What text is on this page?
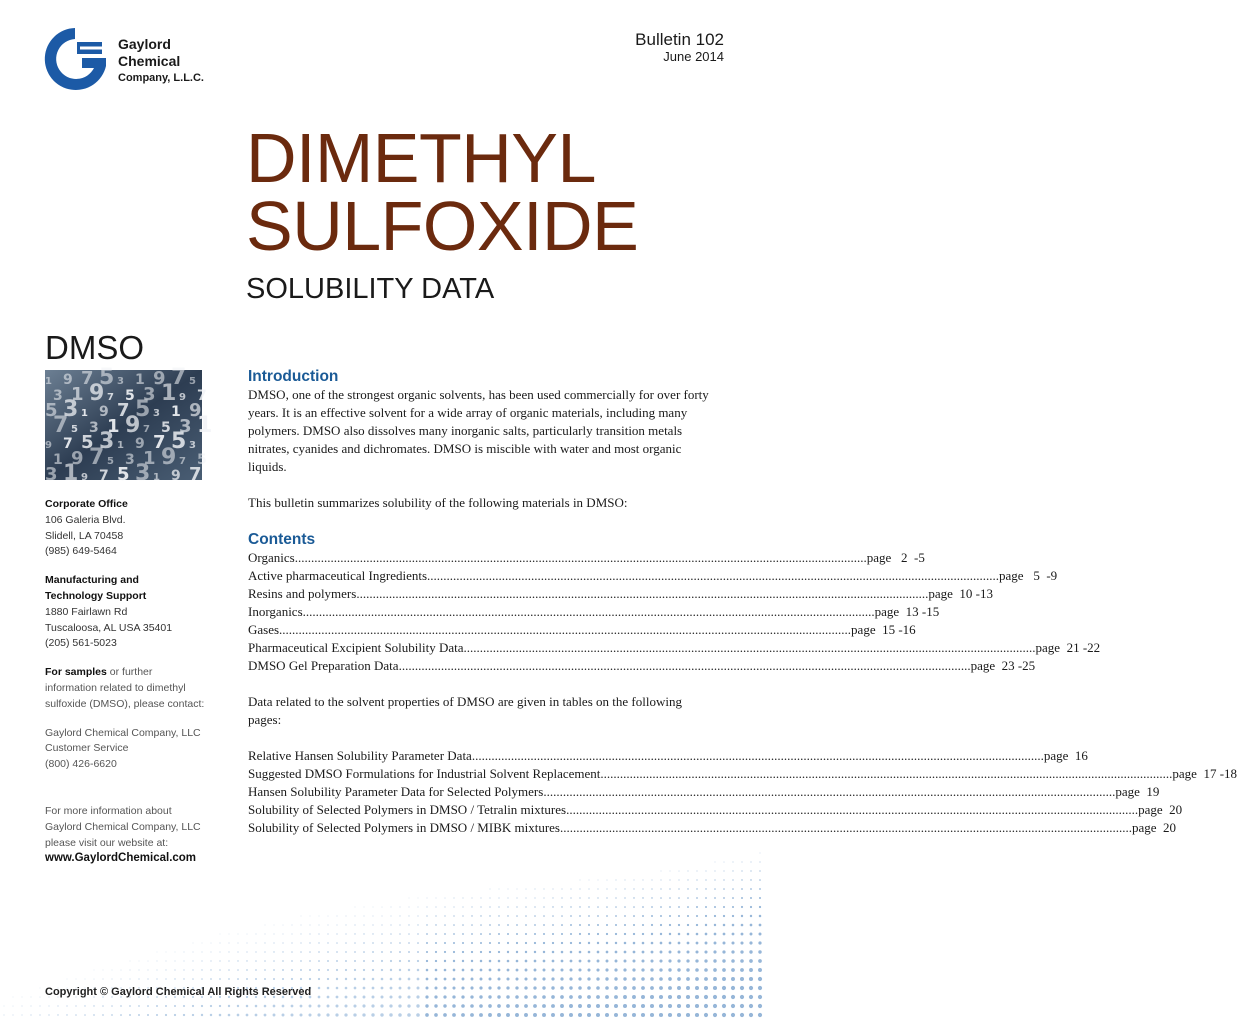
Gaylord
Chemical
Company, L.L.C.
Bulletin 102
June 2014
DIMETHYL
SULFOXIDE
SOLUBILITY DATA
DMSO
1 9 7 5 3 1 9 7 5
3 1 9 7 5 3 1 9 7
5 3 1 9 7 5 3 1 9
7 5 3 1 9 7 5 3 1
9 7 5 3 1 9 7 5 3
1 9 7 5 3 1 9 7 5
3 1 9 7 5 3 1 9 7
Corporate Office
106 Galeria Blvd.
Slidell, LA 70458
(985) 649-5464
Manufacturing and
Technology Support
1880 Fairlawn Rd
Tuscaloosa, AL USA 35401
(205) 561-5023
For samples or further
information related to dimethyl
sulfoxide (DMSO), please contact:
Gaylord Chemical Company, LLC
Customer Service
(800) 426-6620
For more information about
Gaylord Chemical Company, LLC
please visit our website at:
www.GaylordChemical.com
Introduction

DMSO, one of the strongest organic solvents, has been used commercially for over forty years. It is an effective solvent for a wide array of organic materials, including many polymers. DMSO also dissolves many inorganic salts, particularly transition metals nitrates, cyanides and dichromates. DMSO is miscible with water and most organic liquids.

This bulletin summarizes solubility of the following materials in DMSO:

Contents
Organics .....	page   2  -5
Active pharmaceutical Ingredients .....	page   5  -9
Resins and polymers .....	page  10 -13
Inorganics .....	page  13 -15
Gases .....	page  15 -16
Pharmaceutical Excipient Solubility Data .....	page  21 -22
DMSO Gel Preparation Data .....	page  23 -25

Data related to the solvent properties of DMSO are given in tables on the following pages:

Relative Hansen Solubility Parameter Data .....	page  16
Suggested DMSO Formulations for Industrial Solvent Replacement .....	page  17 -18
Hansen Solubility Parameter Data for Selected Polymers .....	page  19
Solubility of Selected Polymers in DMSO / Tetralin mixtures .....	page  20
Solubility of Selected Polymers in DMSO / MIBK mixtures .....	page  20
Copyright © Gaylord Chemical All Rights Reserved
